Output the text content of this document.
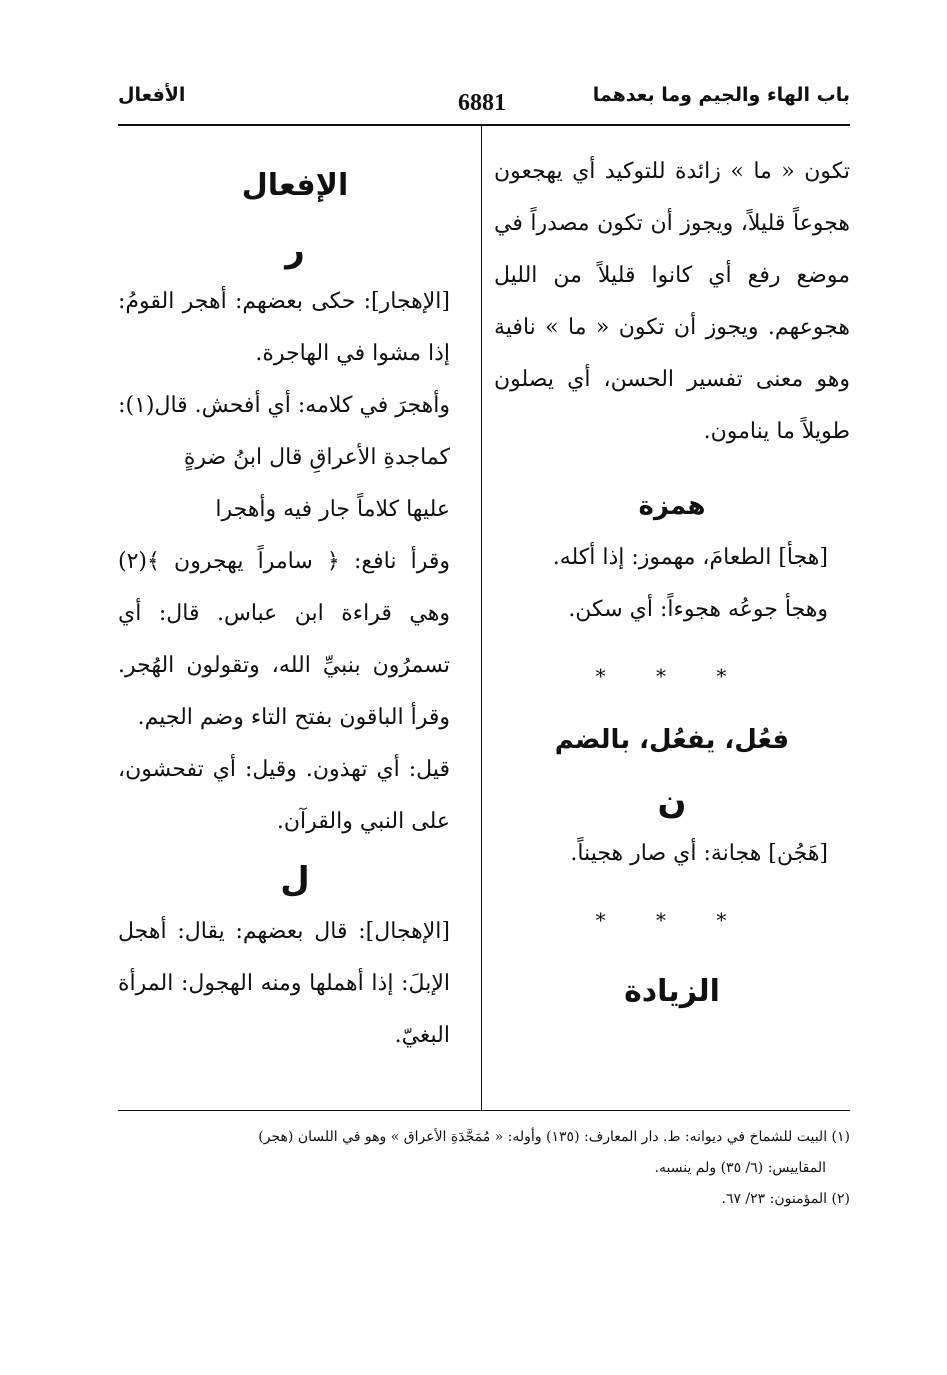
باب الهاء والجيم وما بعدهما
6881
الأفعال

تكون « ما » زائدة للتوكيد أي يهجعون هجوعاً قليلاً، ويجوز أن تكون مصدراً في موضع رفع أي كانوا قليلاً من الليل هجوعهم. ويجوز أن تكون « ما » نافية وهو معنى تفسير الحسن، أي يصلون طويلاً ما ينامون.

همزة

[هجأ] الطعامَ، مهموز: إذا أكله.

وهجأ جوعُه هجوءاً: أي سكن.

* * *

فعُل، يفعُل، بالضم

ن

[هَجُن] هجانة: أي صار هجيناً.

* * *

الزيادة

الإفعال

ر

[الإهجار]: حكى بعضهم: أهجر القومُ: إذا مشوا في الهاجرة.

وأهجرَ في كلامه: أي أفحش. قال(١):

كماجدةِ الأعراقِ قال ابنُ ضرةٍ

عليها كلاماً جار فيه وأهجرا

وقرأ نافع: ﴿ سامراً يهجرون ﴾(٢) وهي قراءة ابن عباس. قال: أي تسمرُون بنبيِّ الله، وتقولون الهُجر. وقرأ الباقون بفتح التاء وضم الجيم.

قيل: أي تهذون. وقيل: أي تفحشون، على النبي والقرآن.

ل

[الإهجال]: قال بعضهم: يقال: أهجل الإبلَ: إذا أهملها ومنه الهجول: المرأة البغيّ.

(١) البيت للشماخ في ديوانه: ط. دار المعارف: (١٣٥) وأوله: « مُمَجَّدَةِ الأعراق » وهو في اللسان (هجر)

المقاييس: (٦/ ٣٥) ولم ينسبه.

(٢) المؤمنون: ٢٣/ ٦٧.
